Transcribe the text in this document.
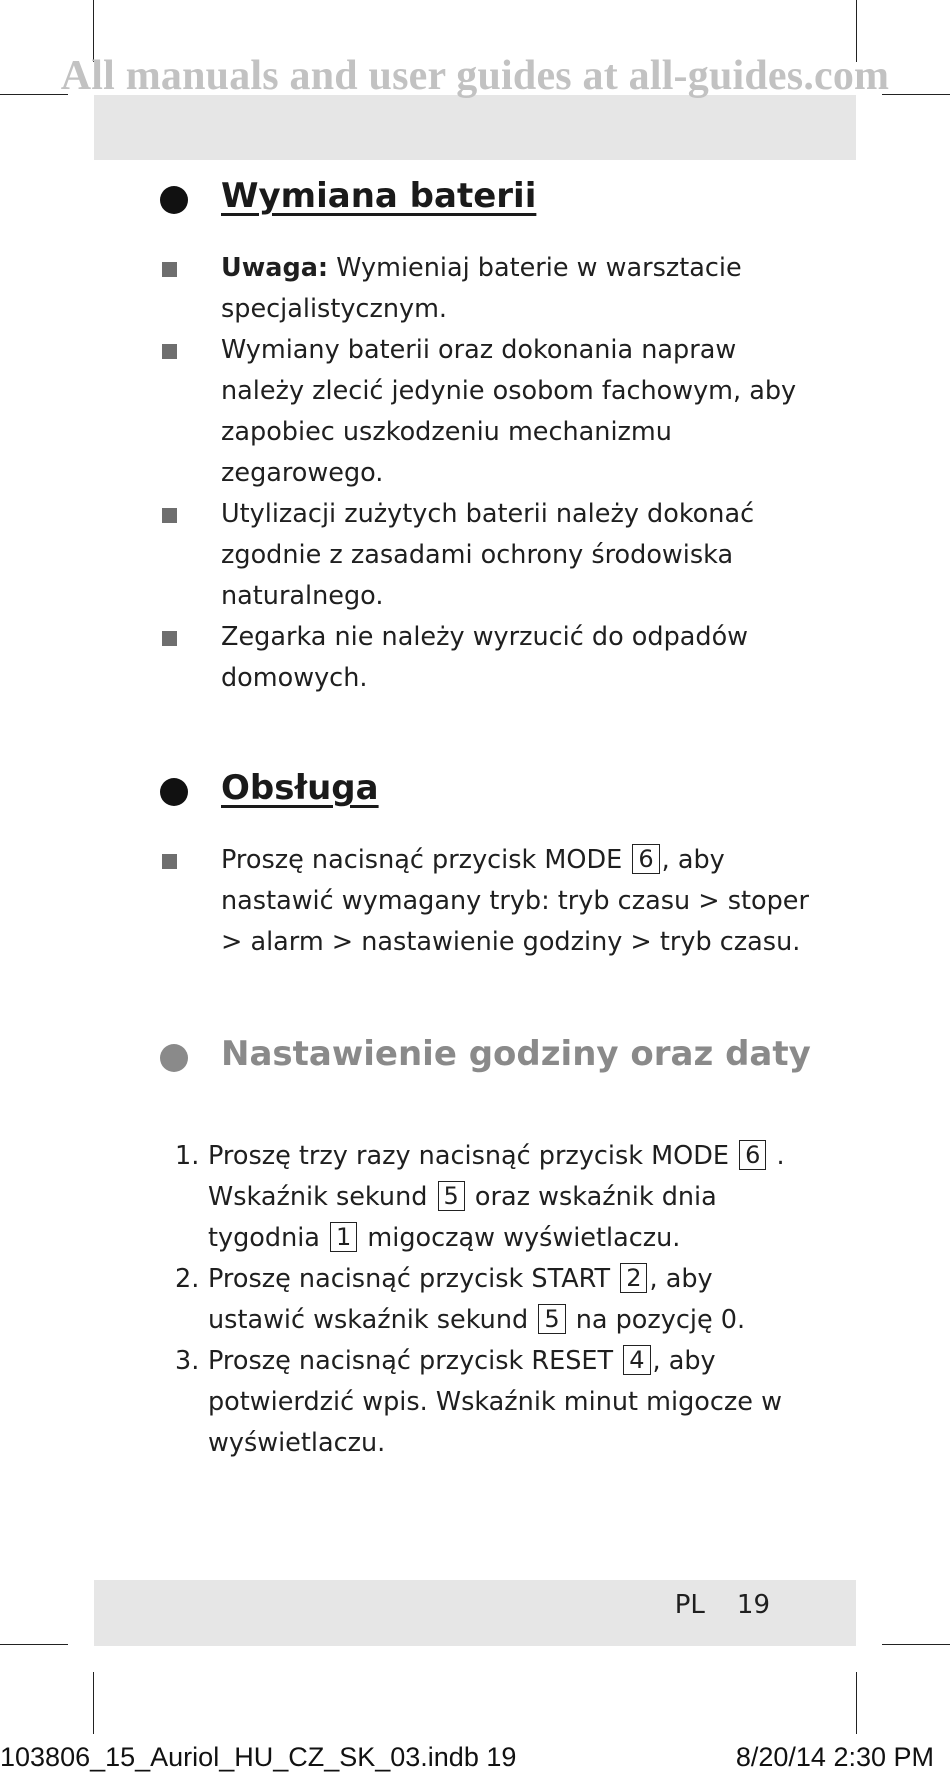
All manuals and user guides at all-guides.com
Wymiana baterii
Uwaga: Wymieniaj baterie w warsztacie specjalistycznym.
Wymiany baterii oraz dokonania napraw należy zlecić jedynie osobom fachowym, aby zapobiec uszkodzeniu mechanizmu zegarowego.
Utylizacji zużytych baterii należy dokonać zgodnie z zasadami ochrony środowiska naturalnego.
Zegarka nie należy wyrzucić do odpadów domowych.
Obsługa
Proszę nacisnąć przycisk MODE 6 , aby nastawić wymagany tryb: tryb czasu > stoper > alarm > nastawienie godziny > tryb czasu.
Nastawienie godziny oraz daty
1. Proszę trzy razy nacisnąć przycisk MODE 6 . Wskaźnik sekund 5 oraz wskaźnik dnia tygodnia 1 migocząw wyświetlaczu.
2. Proszę nacisnąć przycisk START 2 , aby ustawić wskaźnik sekund 5 na pozycję 0.
3. Proszę nacisnąć przycisk RESET 4 , aby potwierdzić wpis. Wskaźnik minut migocze w wyświetlaczu.
PL 19
103806_15_Auriol_HU_CZ_SK_03.indb 19	8/20/14 2:30 PM
